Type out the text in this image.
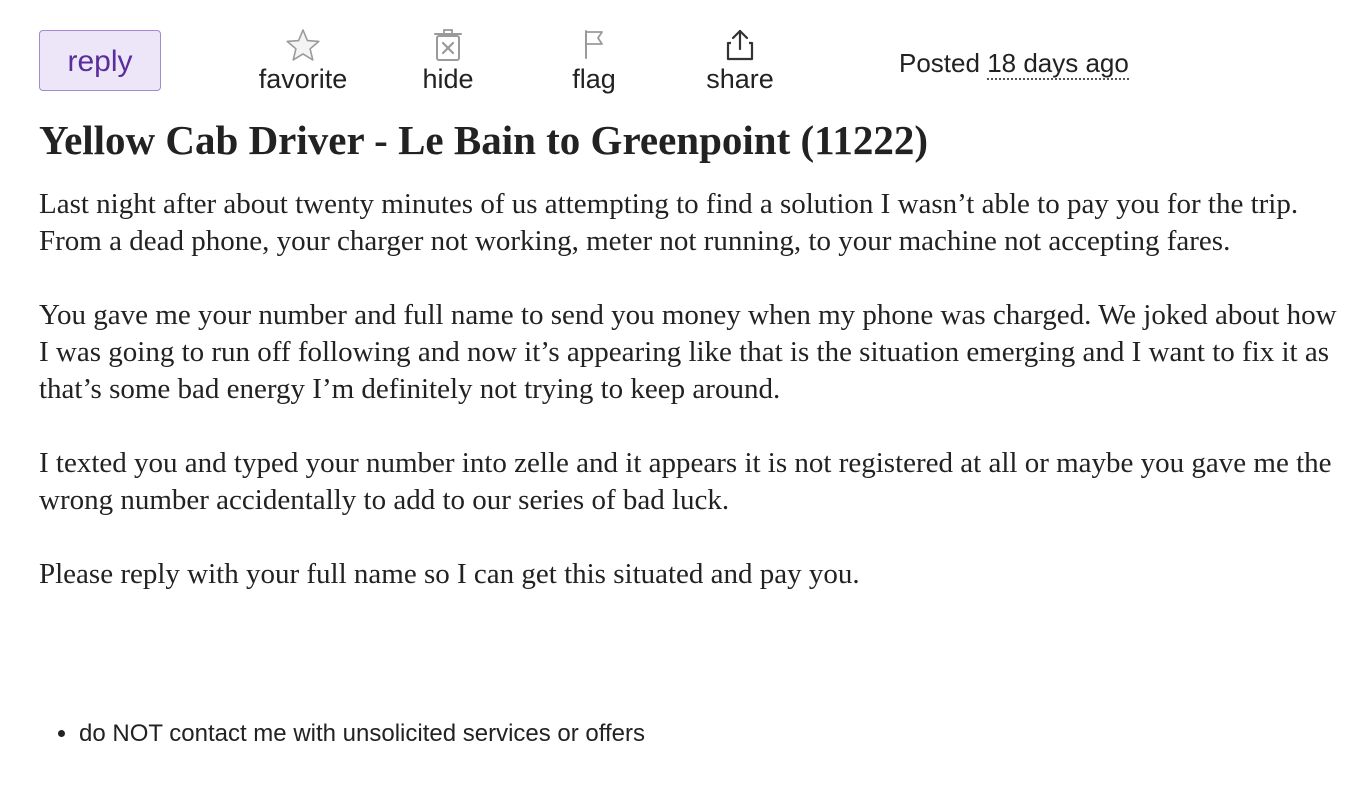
reply
favorite	hide	flag	share
Posted 18 days ago
Yellow Cab Driver - Le Bain to Greenpoint (11222)

Last night after about twenty minutes of us attempting to find a solution I wasn’t able to pay you for the trip. From a dead phone, your charger not working, meter not running, to your machine not accepting fares.

You gave me your number and full name to send you money when my phone was charged. We joked about how I was going to run off following and now it’s appearing like that is the situation emerging and I want to fix it as that’s some bad energy I’m definitely not trying to keep around.

I texted you and typed your number into zelle and it appears it is not registered at all or maybe you gave me the wrong number accidentally to add to our series of bad luck.

Please reply with your full name so I can get this situated and pay you.

• do NOT contact me with unsolicited services or offers
